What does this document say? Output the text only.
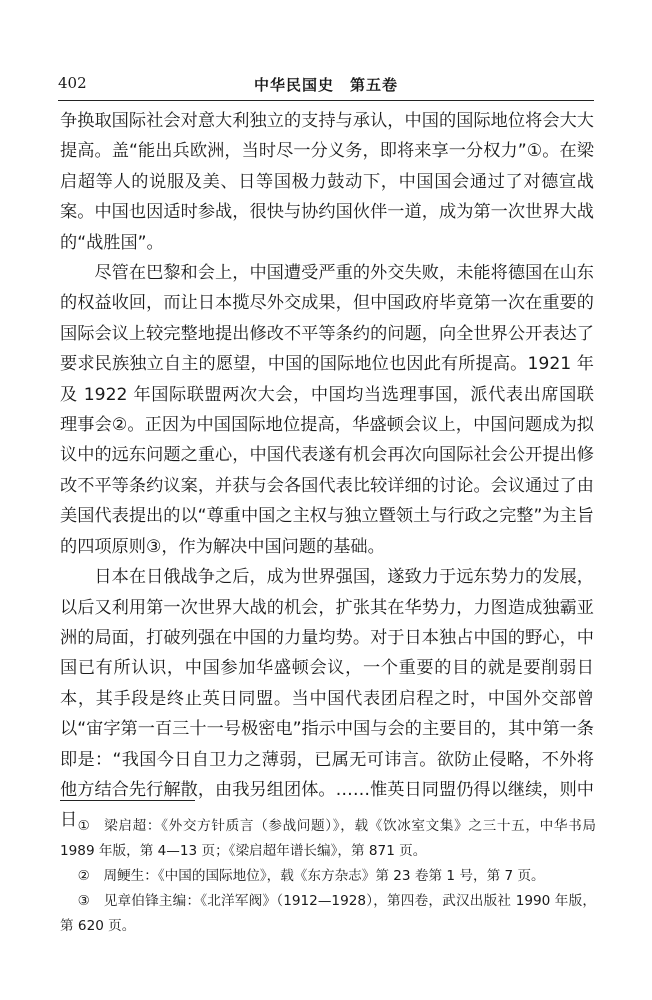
402	中华民国史　第五卷

争换取国际社会对意大利独立的支持与承认，中国的国际地位将会大大提高。盖“能出兵欧洲，当时尽一分义务，即将来享一分权力”①。在梁启超等人的说服及美、日等国极力鼓动下，中国国会通过了对德宣战案。中国也因适时参战，很快与协约国伙伴一道，成为第一次世界大战的“战胜国”。

尽管在巴黎和会上，中国遭受严重的外交失败，未能将德国在山东的权益收回，而让日本揽尽外交成果，但中国政府毕竟第一次在重要的国际会议上较完整地提出修改不平等条约的问题，向全世界公开表达了要求民族独立自主的愿望，中国的国际地位也因此有所提高。1921 年及 1922 年国际联盟两次大会，中国均当选理事国，派代表出席国联理事会②。正因为中国国际地位提高，华盛顿会议上，中国问题成为拟议中的远东问题之重心，中国代表遂有机会再次向国际社会公开提出修改不平等条约议案，并获与会各国代表比较详细的讨论。会议通过了由美国代表提出的以“尊重中国之主权与独立暨领土与行政之完整”为主旨的四项原则③，作为解决中国问题的基础。

日本在日俄战争之后，成为世界强国，遂致力于远东势力的发展，以后又利用第一次世界大战的机会，扩张其在华势力，力图造成独霸亚洲的局面，打破列强在中国的力量均势。对于日本独占中国的野心，中国已有所认识，中国参加华盛顿会议，一个重要的目的就是要削弱日本，其手段是终止英日同盟。当中国代表团启程之时，中国外交部曾以“宙字第一百三十一号极密电”指示中国与会的主要目的，其中第一条即是：“我国今日自卫力之薄弱，已属无可讳言。欲防止侵略，不外将他方结合先行解散，由我另组团体。……惟英日同盟仍得以继续，则中日 ① 梁启超：《外交方针质言（参战问题）》，载《饮冰室文集》之三十五，中华书局 1989 年版，第 4—13 页；《梁启超年谱长编》，第 871 页。

② 周鲠生：《中国的国际地位》，载《东方杂志》第 23 卷第 1 号，第 7 页。

③ 见章伯锋主编：《北洋军阀》（1912—1928），第四卷，武汉出版社 1990 年版，第 620 页。
